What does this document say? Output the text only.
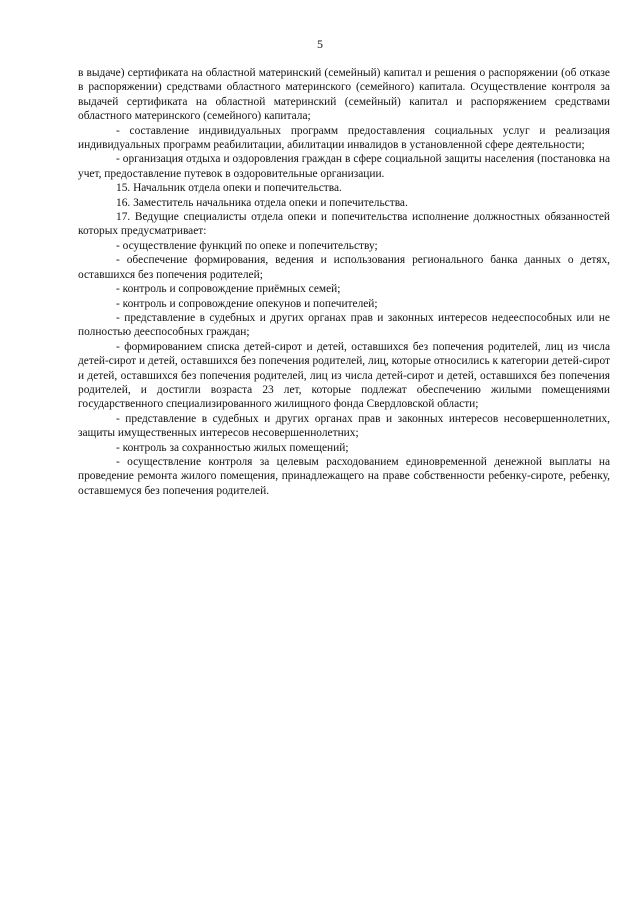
5

в выдаче) сертификата на областной материнский (семейный) капитал и решения о распоряжении (об отказе в распоряжении) средствами областного материнского (семейного) капитала. Осуществление контроля за выдачей сертификата на областной материнский (семейный) капитал и распоряжением средствами областного материнского (семейного) капитала;

- составление индивидуальных программ предоставления социальных услуг и реализация индивидуальных программ реабилитации, абилитации инвалидов в установленной сфере деятельности;

- организация отдыха и оздоровления граждан в сфере социальной защиты населения (постановка на учет, предоставление путевок в оздоровительные организации.

15. Начальник отдела опеки и попечительства.

16. Заместитель начальника отдела опеки и попечительства.

17. Ведущие специалисты отдела опеки и попечительства исполнение должностных обязанностей которых предусматривает:

- осуществление функций по опеке и попечительству;

- обеспечение формирования, ведения и использования регионального банка данных о детях, оставшихся без попечения родителей;

- контроль и сопровождение приёмных семей;

- контроль и сопровождение опекунов и попечителей;

- представление в судебных и других органах прав и законных интересов недееспособных или не полностью дееспособных граждан;

- формированием списка детей-сирот и детей, оставшихся без попечения родителей, лиц из числа детей-сирот и детей, оставшихся без попечения родителей, лиц, которые относились к категории детей-сирот и детей, оставшихся без попечения родителей, лиц из числа детей-сирот и детей, оставшихся без попечения родителей, и достигли возраста 23 лет, которые подлежат обеспечению жилыми помещениями государственного специализированного жилищного фонда Свердловской области;

- представление в судебных и других органах прав и законных интересов несовершеннолетних, защиты имущественных интересов несовершеннолетних;

- контроль за сохранностью жилых помещений;

- осуществление контроля за целевым расходованием единовременной денежной выплаты на проведение ремонта жилого помещения, принадлежащего на праве собственности ребенку-сироте, ребенку, оставшемуся без попечения родителей.
